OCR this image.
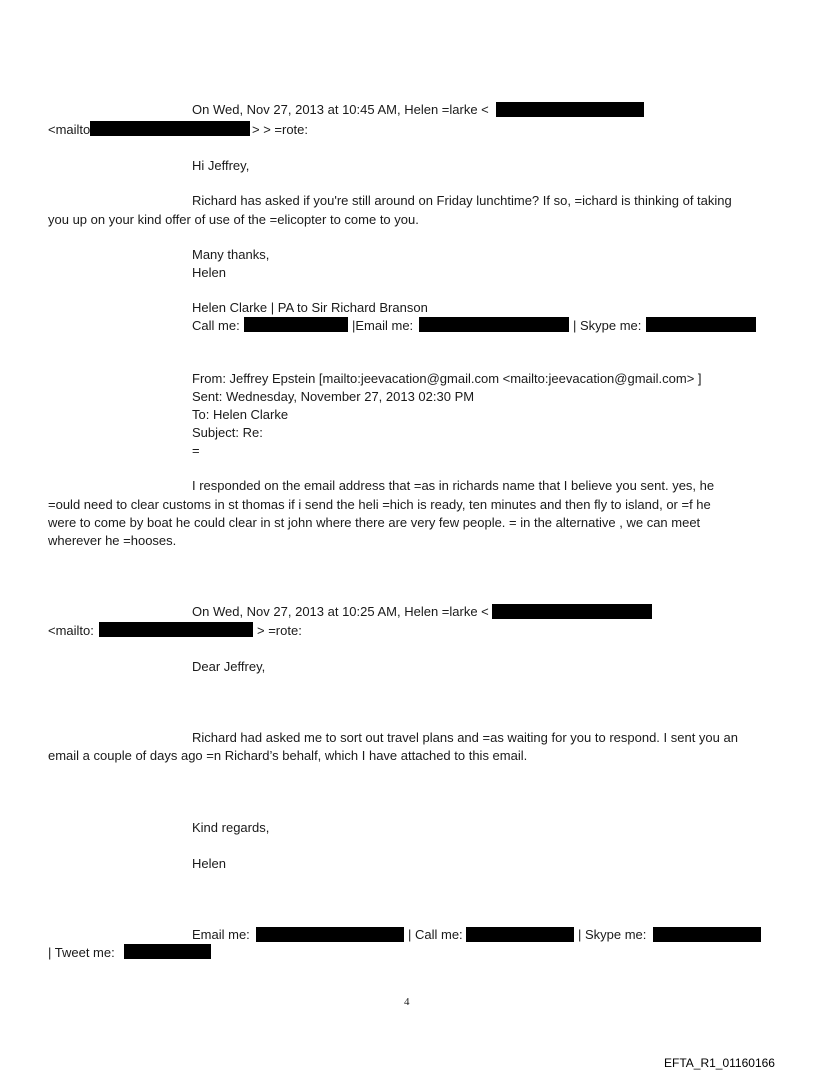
On Wed, Nov 27, 2013 at 10:45 AM, Helen =larke <
<mailto	> > =rote:
Hi Jeffrey,
Richard has asked if you're still around on Friday lunchtime? If so, =ichard is thinking of taking
you up on your kind offer of use of the =elicopter to come to you.
Many thanks,
Helen
Helen Clarke | PA to Sir Richard Branson
Call me:	|Email me:	| Skype me:
From: Jeffrey Epstein [mailto:jeevacation@gmail.com <mailto:jeevacation@gmail.com> ]
Sent: Wednesday, November 27, 2013 02:30 PM
To: Helen Clarke
Subject: Re:
=
I responded on the email address that =as in richards name that I believe you sent. yes, he
=ould need to clear customs in st thomas if i send the heli =hich is ready, ten minutes and then fly to island, or =f he
were to come by boat he could clear in st john where there are very few people. = in the alternative , we can meet
wherever he =hooses.
On Wed, Nov 27, 2013 at 10:25 AM, Helen =larke <
<mailto:	> =rote:
Dear Jeffrey,
Richard had asked me to sort out travel plans and =as waiting for you to respond. I sent you an
email a couple of days ago =n Richard’s behalf, which I have attached to this email.
Kind regards,
Helen
Email me:	| Call me:	| Skype me:
| Tweet me:
4
EFTA_R1_01160166
